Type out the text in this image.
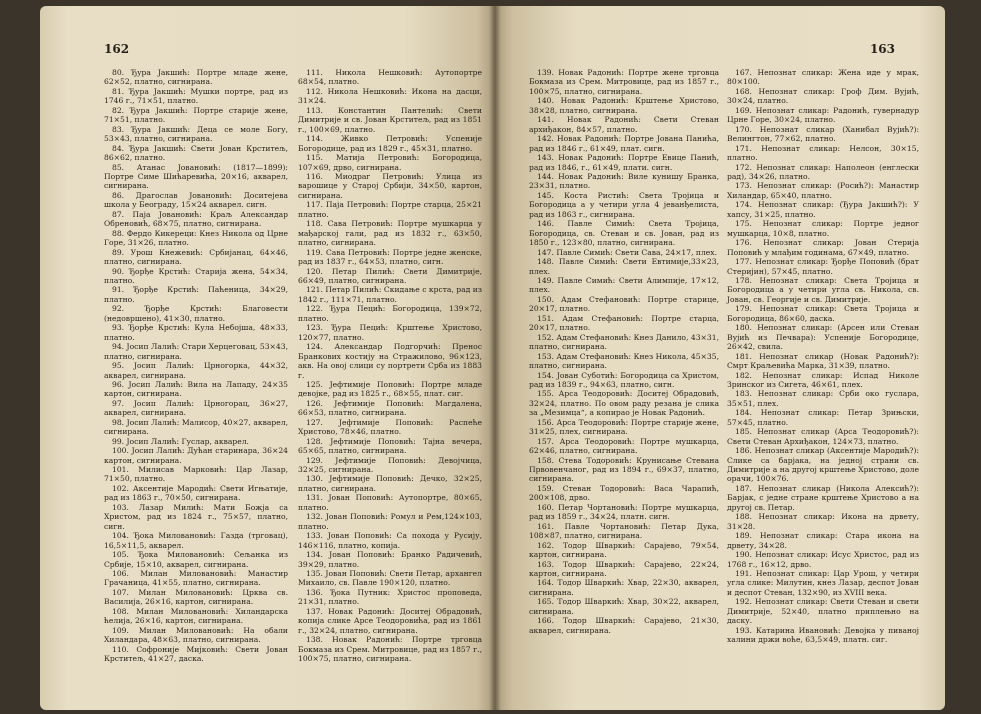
162

80. Ђура Јакшић: Портре младе жене, 62×52, платно, сигнирана.

81. Ђура Јакшић: Мушки портре, рад из 1746 г., 71×51, платно.

82. Ђура Јакшић: Портре старије жене, 71×51, платно.

83. Ђура Јакшић: Деца се моле Богу, 53×43, платно, сигнирана.

84. Ђура Јакшић: Свети Јован Крститељ, 86×62, платно.

85. Атанас Јовановић: (1817—1899): Портре Симе Шићаревића, 20×16, акварел, сигнирана.

86. Драгослав Јовановић: Доситејева школа у Београду, 15×24 акварел. сигн.

87. Паја Јовановић: Краљ Александар Обреновић, 68×75, платно, сигнирана.

88. Фердо Кикереци: Кнез Никола од Црне Горе, 31×26, платно.

89. Урош Кнежевић: Србијанац, 64×46, платно, сигнирана.

90. Ђорђе Крстић: Старија жена, 54×34, платно.

91. Ђорђе Крстић: Паћеница, 34×29, платно.

92. Ђорђе Крстић: Благовести (недовршено), 41×30, платно.

93. Ђорђе Крстић: Кула Небојша, 48×33, платно.

94. Јосип Лалић: Стари Херцеговац, 53×43, платно, сигнирана.

95. Јосип Лалић: Црногорка, 44×32, акварел, сигнирана.

96. Јосип Лалић: Вила на Лападу, 24×35 картон, сигнирана.

97. Јосип Лалић: Црногорац, 36×27, акварел, сигнирана.

98. Јосип Лалић: Малисор, 40×27, акварел, сигнирана.

99. Јосип Лалић: Гуслар, акварел.

100. Јосип Лалић: Дућан старинара, 36×24 картон, сигнирана.

101. Милисав Марковић: Цар Лазар, 71×50, платно.

102. Аксентије Мародић: Свети Игњатије, рад из 1863 г., 70×50, сигнирана.

103. Лазар Милић: Мати Божја са Христом, рад из 1824 г., 75×57, платно, сигн.

104. Ђока Миловановић: Газда (трговац), 16,5×11,5, акварел.

105. Ђока Миловановић: Сељанка из Србије, 15×10, акварел, сигнирана.

106. Милан Миловановић: Манастир Грачаница, 41×55, платно, сигнирана.

107. Милан Миловановић: Црква св. Василија, 26×16, картон, сигнирана.

108. Милан Миловановић: Хиландарска ћелија, 26×16, картон, сигнирана.

109. Милан Миловановић: На обали Хиландара, 48×63, платно, сигнирана.

110. Софроније Мијковић: Свети Јован Крститељ, 41×27, даска.

111. Никола Нешковић: Аутопортре 68×54, платно.

112. Никола Нешковић: Икона на дасци, 31×24.

113. Константин Пантелић: Свети Димитрије и св. Јован Крститељ, рад из 1851 г., 100×69, платно.

114. Живко Петровић: Успеније Богородице, рад из 1829 г., 45×31, платно.

115. Матија Петровић: Богородица, 107×69, дрво, сигнирана.

116. Миодраг Петровић: Улица из варошице у Старој Србији, 34×50, картон, сигнирана.

117. Паја Петровић: Портре старца, 25×21 платно.

118. Сава Петровић: Портре мушкарца у мађарској гали, рад из 1832 г., 63×50, платно, сигнирана.

119. Сава Петровић: Портре једне женске, рад из 1837 г., 64×53, платно, сигн.

120. Петар Пилић: Свети Димитрије, 66×49, платно, сигнирана.

121. Петар Пилић: Скидање с крста, рад из 1842 г., 111×71, платно.

122. Ђура Пецић: Богородица, 139×72, платно.

123. Ђура Пецић: Крштење Христово, 120×77, платно.

124. Александар Подгорчић: Пренос Бранкових костију на Стражилово, 96×123, акв. На овој слици су портрети Срба из 1883 г.

125. Јефтимије Поповић: Портре младе девојке, рад из 1825 г., 68×55, плат. сиг.

126. Јефтимије Поповић: Магдалена, 66×53, платно, сигнирана.

127. Јефтимије Поповић: Распеће Христово, 78×46, платно.

128. Јефтимије Поповић: Тајна вечера, 65×65, платно, сигнирана.

129. Јефтимије Поповић: Девојчица, 32×25, сигнирана.

130. Јефтимије Поповић: Дечко, 32×25, платно, сигнирана.

131. Јован Поповић: Аутопортре, 80×65, платно.

132. Јован Поповић: Ромул и Рем,124×103, платно.

133. Јован Поповић: Са похода у Русију, 146×116, платно, копија.

134. Јован Поповић: Бранко Радичевић, 39×29, платно.

135. Јован Поповић: Свети Петар, архангел Михаило, св. Павле 190×120, платно.

136. Ђока Путник: Христос проповеда, 21×31, платно.

137. Новак Радонић: Доситеј Обрадовић, копија слике Арсе Теодоровића, рад из 1861 г., 32×24, платно, сигнирана.

138. Новак Радонић: Портре трговца Бокмаза из Срем. Митровице, рад из 1857 г., 100×75, платно, сигнирана.

163

139. Новак Радонић: Портре жене трговца Бокмаза из Срем. Митровице, рад из 1857 г., 100×75, платно, сигнирана.

140. Новак Радонић: Крштење Христово, 38×28, платно, сигнирана.

141. Новак Радонић: Свети Стеван архиђакон, 84×57, платно.

142. Новак Радонић: Портре Јована Панића, рад из 1846 г., 61×49, плат. сигн.

143. Новак Радонић: Портре Евице Панић, рад из 1846, г., 61×49, плати. сигн.

144. Новак Радонић: Виле кунишу Бранка, 23×31, платно.

145. Коста Ристић: Света Тројица и Богородица а у четири угла 4 јеванђелиста, рад из 1863 г., сигнирана.

146. Павле Симић: Света Тројица, Богородица, св. Стеван и св. Јован, рад из 1850 г., 123×80, платно, сигнирана.

147. Павле Симић: Свети Сава, 24×17, плех.

148. Павле Симић: Свети Евтимије,33×23, плех.

149. Павле Симић: Свети Алимпије, 17×12, плех.

150. Адам Стефановић: Портре старице, 20×17, платно.

151. Адам Стефановић: Портре старца, 20×17, платно.

152. Адам Стефановић: Кнез Данило, 43×31, платно, сигнирана.

153. Адам Стефановић: Кнез Никола, 45×35, платно, сигнирана.

154. Јован Суботић: Богородица са Христом, рад из 1839 г., 94×63, платно, сигн.

155. Арса Теодоровић: Доситеј Обрадовић, 32×24, платно. По овом раду резана је слика за „Мезимца“, а копирао је Новак Радонић.

156. Арса Теодоровић: Портре старије жене, 31×25, плех, сигнирана.

157. Арса Теодоровић: Портре мушкарца, 62×46, платно, сигнирана.

158. Стева Тодоровић: Крунисање Стевана Првовенчаног, рад из 1894 г., 69×37, платно, сигнирана.

159. Стеван Тодоровић: Васа Чарапић, 200×108, дрво.

160. Петар Чортановић: Портре мушкарца, рад из 1859 г., 34×24, платн. сигн.

161. Павле Чортановић: Петар Дука, 108×87, платно, сигнирана.

162. Тодор Шваркић: Сарајево, 79×54, картон, сигнирана.

163. Тодор Шваркић: Сарајево, 22×24, картон, сигнирана.

164. Тодор Шваркић: Хвар, 22×30, акварел, сигнирана.

165. Тодор Шваркић: Хвар, 30×22, акварел, сигнирана.

166. Тодор Шваркић: Сарајево, 21×30, акварел, сигнирана.

167. Непознат сликар: Жена иде у мрак, 80×100.

168. Непознат сликар: Гроф Дим. Вујић, 30×24, платно.

169. Непознат сликар: Радонић, гувернадур Црне Горе, 30×24, платно.

170. Непознат сликар (Ханибал Вујић?): Велингтон, 77×62, платно.

171. Непознат сликар: Нелсон, 30×15, платно.

172. Непознат сликар: Наполеон (енглески рад), 34×26, платно.

173. Непознат сликар: (Росић?): Манастир Хиландар, 65×40, платно.

174. Непознат сликар: (Ђура Јакшић?): У хапсу, 31×25, платно.

175. Непознат сликар: Портре једног мушкарца, 10×8, платно.

176. Непознат сликар: Јован Стерија Поповић у млађим годинама, 67×49, платно.

177. Непознат сликар: Ђорђе Поповић (брат Стеријин), 57×45, платно.

178. Непознат сликар: Света Тројица и Богородица а у четири угла св. Никола, св. Јован, св. Георгије и св. Димитрије.

179. Непознат сликар: Света Тројица и Богородица, 86×60, даска.

180. Непознат сликар: (Арсен или Стеван Вујић из Печвара): Успеније Богородице, 26×42, свила.

181. Непознат сликар (Новак Радонић?): Смрт Краљевића Марка, 31×39, платно.

182. Непознат сликар: Испад Николе Зринског из Сигета, 46×61, плех.

183. Непознат сликар: Срби око гуслара, 35×51, плех.

184. Непознат сликар: Петар Зрињски, 57×45, платно.

185. Непознат сликар (Арса Теодоровић?): Свети Стеван Архиђакон, 124×73, платно.

186. Непознат сликар (Аксентије Мародић?): Слике са барјака, на једној страни св. Димитрије а на другој крштење Христово, доле орачи, 100×76.

187. Непознат сликар (Никола Алексић?): Барјак, с једне стране крштење Христово а на другој св. Петар.

188. Непознат сликар: Икона на дрвету, 31×28.

189. Непознат сликар: Стара икона на дрвету, 34×28.

190. Непознат сликар: Исус Христос, рад из 1768 г., 16×12, дрво.

191. Непознат сликар: Цар Урош, у четири угла слике: Милутин, кнез Лазар, деспот Јован и деспот Стеван, 132×90, из XVIII века.

192. Непознат сликар: Свети Стеван и свети Димитрије, 52×40, платно приплењно на даску.

193. Катарина Ивановић: Девојка у пиваној халини држи воће, 63,5×49, платн. сиг.
